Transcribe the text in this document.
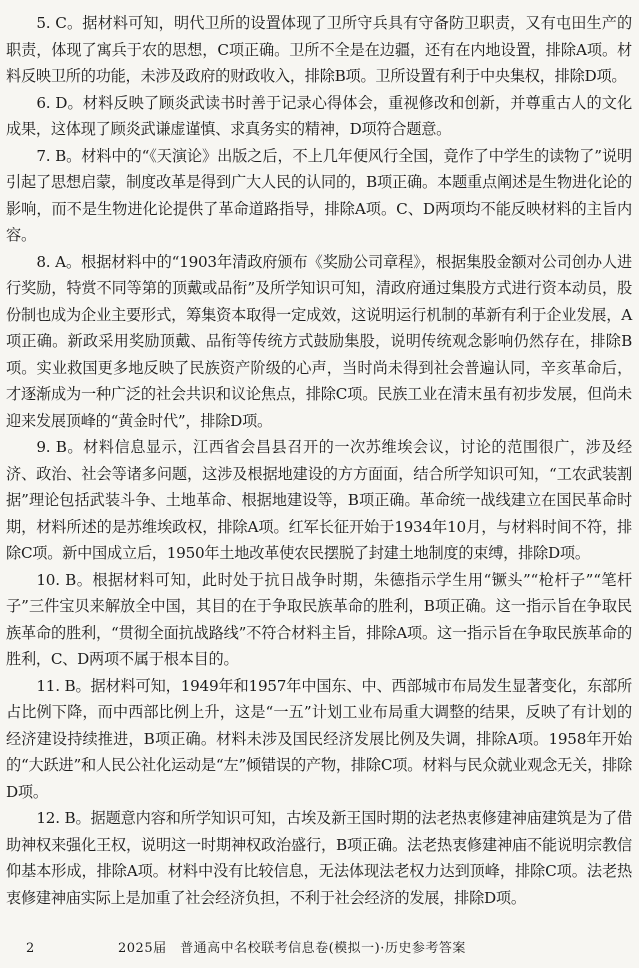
5. C。据材料可知，明代卫所的设置体现了卫所守兵具有守备防卫职责，又有屯田生产的职责，体现了寓兵于农的思想，C项正确。卫所不全是在边疆，还有在内地设置，排除A项。材料反映卫所的功能，未涉及政府的财政收入，排除B项。卫所设置有利于中央集权，排除D项。

6. D。材料反映了顾炎武读书时善于记录心得体会，重视修改和创新，并尊重古人的文化成果，这体现了顾炎武谦虚谨慎、求真务实的精神，D项符合题意。

7. B。材料中的“《天演论》出版之后，不上几年便风行全国，竟作了中学生的读物了”说明引起了思想启蒙，制度改革是得到广大人民的认同的，B项正确。本题重点阐述是生物进化论的影响，而不是生物进化论提供了革命道路指导，排除A项。C、D两项均不能反映材料的主旨内容。

8. A。根据材料中的“1903年清政府颁布《奖励公司章程》，根据集股金额对公司创办人进行奖励，特赏不同等第的顶戴或品衔”及所学知识可知，清政府通过集股方式进行资本动员，股份制也成为企业主要形式，筹集资本取得一定成效，这说明运行机制的革新有利于企业发展，A项正确。新政采用奖励顶戴、品衔等传统方式鼓励集股，说明传统观念影响仍然存在，排除B项。实业救国更多地反映了民族资产阶级的心声，当时尚未得到社会普遍认同，辛亥革命后，才逐渐成为一种广泛的社会共识和议论焦点，排除C项。民族工业在清末虽有初步发展，但尚未迎来发展顶峰的“黄金时代”，排除D项。

9. B。材料信息显示，江西省会昌县召开的一次苏维埃会议，讨论的范围很广，涉及经济、政治、社会等诸多问题，这涉及根据地建设的方方面面，结合所学知识可知，“工农武装割据”理论包括武装斗争、土地革命、根据地建设等，B项正确。革命统一战线建立在国民革命时期，材料所述的是苏维埃政权，排除A项。红军长征开始于1934年10月，与材料时间不符，排除C项。新中国成立后，1950年土地改革使农民摆脱了封建土地制度的束缚，排除D项。

10. B。根据材料可知，此时处于抗日战争时期，朱德指示学生用“镢头”“枪杆子”“笔杆子”三件宝贝来解放全中国，其目的在于争取民族革命的胜利，B项正确。这一指示旨在争取民族革命的胜利，“贯彻全面抗战路线”不符合材料主旨，排除A项。这一指示旨在争取民族革命的胜利，C、D两项不属于根本目的。

11. B。据材料可知，1949年和1957年中国东、中、西部城市布局发生显著变化，东部所占比例下降，而中西部比例上升，这是“一五”计划工业布局重大调整的结果，反映了有计划的经济建设持续推进，B项正确。材料未涉及国民经济发展比例及失调，排除A项。1958年开始的“大跃进”和人民公社化运动是“左”倾错误的产物，排除C项。材料与民众就业观念无关，排除D项。

12. B。据题意内容和所学知识可知，古埃及新王国时期的法老热衷修建神庙建筑是为了借助神权来强化王权，说明这一时期神权政治盛行，B项正确。法老热衷修建神庙不能说明宗教信仰基本形成，排除A项。材料中没有比较信息，无法体现法老权力达到顶峰，排除C项。法老热衷修建神庙实际上是加重了社会经济负担，不利于社会经济的发展，排除D项。

2	2025届　普通高中名校联考信息卷(模拟一)·历史参考答案
